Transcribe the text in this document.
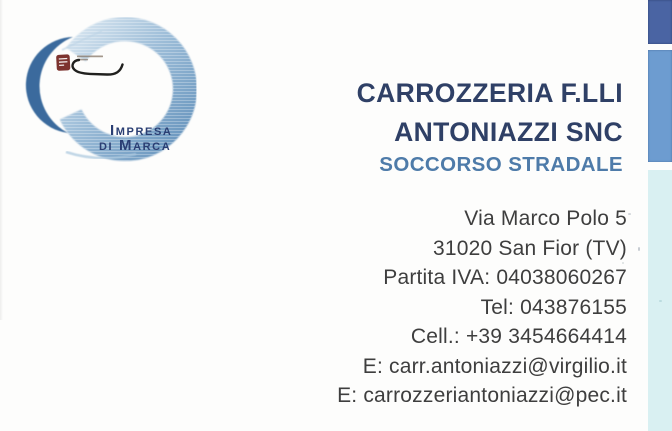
Impresa
di Marca
CARROZZERIA F.LLI
ANTONIAZZI SNC
SOCCORSO STRADALE
Via Marco Polo 5
31020 San Fior (TV)
Partita IVA: 04038060267
Tel: 043876155
Cell.: +39 3454664414
E: carr.antoniazzi@virgilio.it
E: carrozzeriantoniazzi@pec.it
